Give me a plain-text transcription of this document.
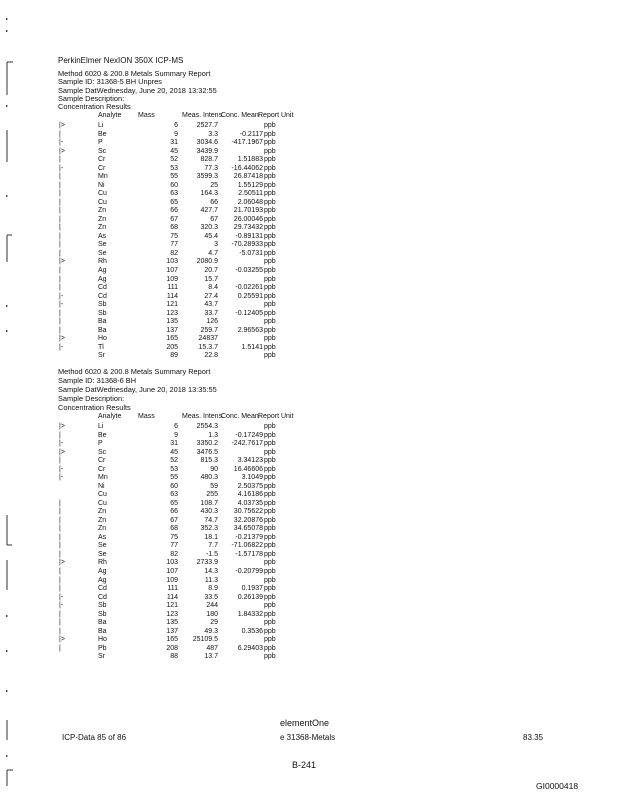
PerkinElmer NexION 350X ICP-MS
Method 6020 & 200.8 Metals Summary Report
Sample ID: 31368-5 BH Unpres
Sample DatWednesday, June 20, 2018 13:32:55
Sample Description:
Concentration Results
Analyte Mass	Meas. Intens
Conc. Mean Report Unit
|>	Li	6	2527.7	ppb
|	Be	9	3.3	-0.2117 ppb
|-	P	31	3034.6	-417.1967 ppb
|>	Sc	45	3439.9	ppb
|	Cr	52	828.7	1.51883 ppb
|-	Cr	53	77.3	-16.44062 ppb
|	Mn	55	3599.3	26.87418 ppb
|	Ni	60	25	1.55129 ppb
|	Cu	63	164.3	2.50511 ppb
|	Cu	65	66	2.06048 ppb
|	Zn	66	427.7	21.70193 ppb
|	Zn	67	67	26.00046 ppb
|	Zn	68	320.3	29.73432 ppb
|	As	75	45.4	-0.89131 ppb
|	Se	77	3	-70.28933 ppb
|	Se	82	4.7	-5.0731 ppb
|>	Rh	103	2080.9	ppb
|	Ag	107	20.7	-0.03255 ppb
|	Ag	109	15.7	ppb
|	Cd	111	8.4	-0.02261 ppb
|-	Cd	114	27.4	0.25591 ppb
|-	Sb	121	43.7	ppb
|	Sb	123	33.7	-0.12405 ppb
|	Ba	135	126	ppb
|	Ba	137	259.7	2.96563 ppb
|>	Ho	165	24837	ppb
|-	Tl	205	15.3.7	1.5141 ppb
Sr	89	22.8	ppb
Method 6020 & 200.8 Metals Summary Report
Sample ID: 31368-6 BH
Sample DatWednesday, June 20, 2018 13:35:55
Sample Description:
Concentration Results
Analyte Mass	Meas. Intens
Conc. Mean Report Unit
|>	Li	6	2554.3	ppb
|	Be	9	1.3	-0.17249 ppb
|-	P	31	3350.2	-242.7617 ppb
|>	Sc	45	3476.5	ppb
|	Cr	52	815.3	3.34123 ppb
|-	Cr	53	90	16.46606 ppb
|-	Mn	55	480.3	3.1049 ppb
Ni	60	59	2.50375 ppb
Cu	63	255	4.16186 ppb
|	Cu	65	108.7	4.03735 ppb
|	Zn	66	430.3	30.75622 ppb
|	Zn	67	74.7	32.20876 ppb
|	Zn	68	352.3	34.65078 ppb
|	As	75	18.1	-0.21379 ppb
|	Se	77	7.7	-71.06822 ppb
|	Se	82	-1.5	-1.57178 ppb
|>	Rh	103	2733.9	ppb
|	Ag	107	14.3	-0.20799 ppb
|	Ag	109	11.3	ppb
|	Cd	111	8.9	0.1937 ppb
|-	Cd	114	33.5	0.26139 ppb
|-	Sb	121	244	ppb
|	Sb	123	180	1.84332 ppb
|	Ba	135	29	ppb
|	Ba	137	49.3	0.3536 ppb
|>	Ho	165	25109.5	ppb
|	Pb	208	487	6.29403 ppb
Sr	88	13.7	ppb
elementOne
ICP-Data 85 of 86	e 31368-Metals	83.35
B-241
GI0000418
